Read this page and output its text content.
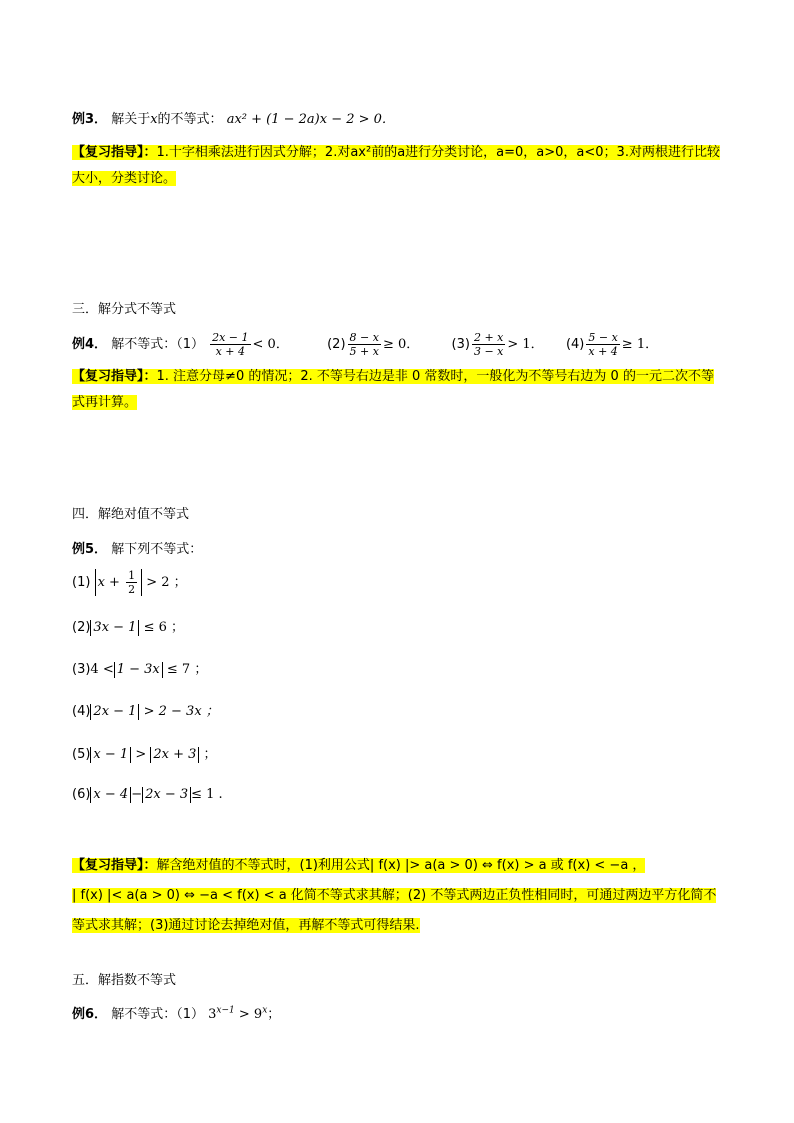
例3． 解关于x的不等式： ax² + (1 − 2a)x − 2 > 0．
【复习指导】：1.十字相乘法进行因式分解；2.对ax²前的a进行分类讨论，a=0，a>0，a<0；3.对两根进行比较大小，分类讨论。
三．解分式不等式
例4． 解不等式：$(1) \frac{2x - 1}{x + 4} < 0$．	$(2) \frac{8 - x}{5 + x} \ge 0$． $(3) \frac{2 + x}{3 - x} > 1$． $(4) \frac{5 - x}{x + 4} \ge 1$．
【复习指导】：1. 注意分母≠0 的情况；2. 不等号右边是非 0 常数时，一般化为不等号右边为 0 的一元二次不等式再计算。
四．解绝对值不等式
例5． 解下列不等式：
(1) $x + \frac{1}{2} > 2$ ；
(2) 3x − 1 ≤ 6 ；
(3)4 < 1 − 3x ≤ 7 ；
(4) 2x − 1 > 2 − 3x ；
(5) x − 1 > 2x + 3 ；
(6) x − 4 − 2x − 3 ≤ 1 .
【复习指导】：解含绝对值的不等式时，(1)利用公式| f(x) |> a(a > 0) ⇔ f(x) > a 或 f(x) < −a ，
| f(x) |< a(a > 0) ⇔ −a < f(x) < a 化简不等式求其解；(2) 不等式两边正负性相同时，可通过两边平方化简不
等式求其解；(3)通过讨论去掉绝对值，再解不等式可得结果.
五．解指数不等式
例6． 解不等式：（1） $3^{x-1} > 9^x$；
